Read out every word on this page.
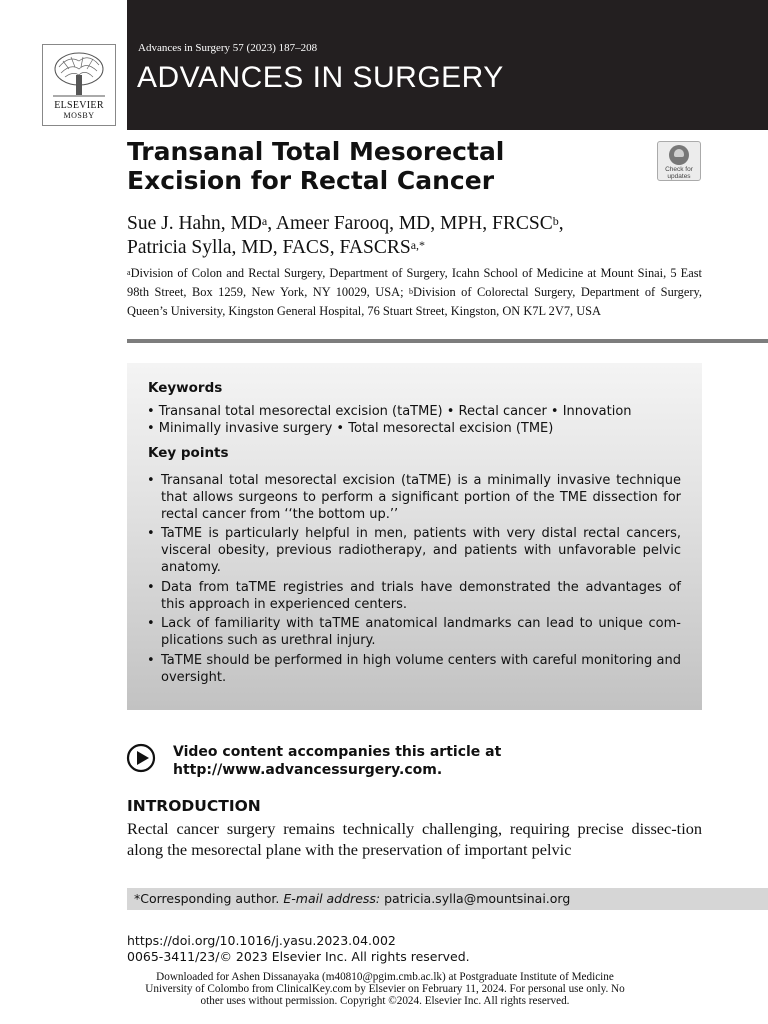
ELSEVIER
MOSBY
Advances in Surgery 57 (2023) 187–208
ADVANCES IN SURGERY
Transanal Total Mesorectal Excision for Rectal Cancer	Check for updates
Sue J. Hahn, $MD^a$, Ameer Farooq, MD, MPH, FRCSC$^b$,
Patricia Sylla, MD, FACS, $FASCRS^{a,*}$
$^a$Division of Colon and Rectal Surgery, Department of Surgery, Icahn School of Medicine at Mount Sinai, 5 East 98th Street, Box 1259, New York, NY 10029, USA; $^b$Division of Colorectal Surgery, Department of Surgery, Queen’s University, Kingston General Hospital, 76 Stuart Street, Kingston, ON K7L 2V7, USA
Keywords
• Transanal total mesorectal excision (taTME) • Rectal cancer • Innovation
• Minimally invasive surgery • Total mesorectal excision (TME)
Key points
• Transanal total mesorectal excision (taTME) is a minimally invasive technique that allows surgeons to perform a significant portion of the TME dissection for rectal cancer from ‘‘the bottom up.’’
• TaTME is particularly helpful in men, patients with very distal rectal cancers, visceral obesity, previous radiotherapy, and patients with unfavorable pelvic anatomy.
• Data from taTME registries and trials have demonstrated the advantages of this approach in experienced centers.
• Lack of familiarity with taTME anatomical landmarks can lead to unique com-plications such as urethral injury.
• TaTME should be performed in high volume centers with careful monitoring and oversight.
Video content accompanies this article at http://www.advancessurgery.com.
INTRODUCTION
Rectal cancer surgery remains technically challenging, requiring precise dissec-tion along the mesorectal plane with the preservation of important pelvic
*Corresponding author. E-mail address: patricia.sylla@mountsinai.org
https://doi.org/10.1016/j.yasu.2023.04.002
0065-3411/23/© 2023 Elsevier Inc. All rights reserved.
Downloaded for Ashen Dissanayaka (m40810@pgim.cmb.ac.lk) at Postgraduate Institute of Medicine University of Colombo from ClinicalKey.com by Elsevier on February 11, 2024. For personal use only. No other uses without permission. Copyright ©2024. Elsevier Inc. All rights reserved.
